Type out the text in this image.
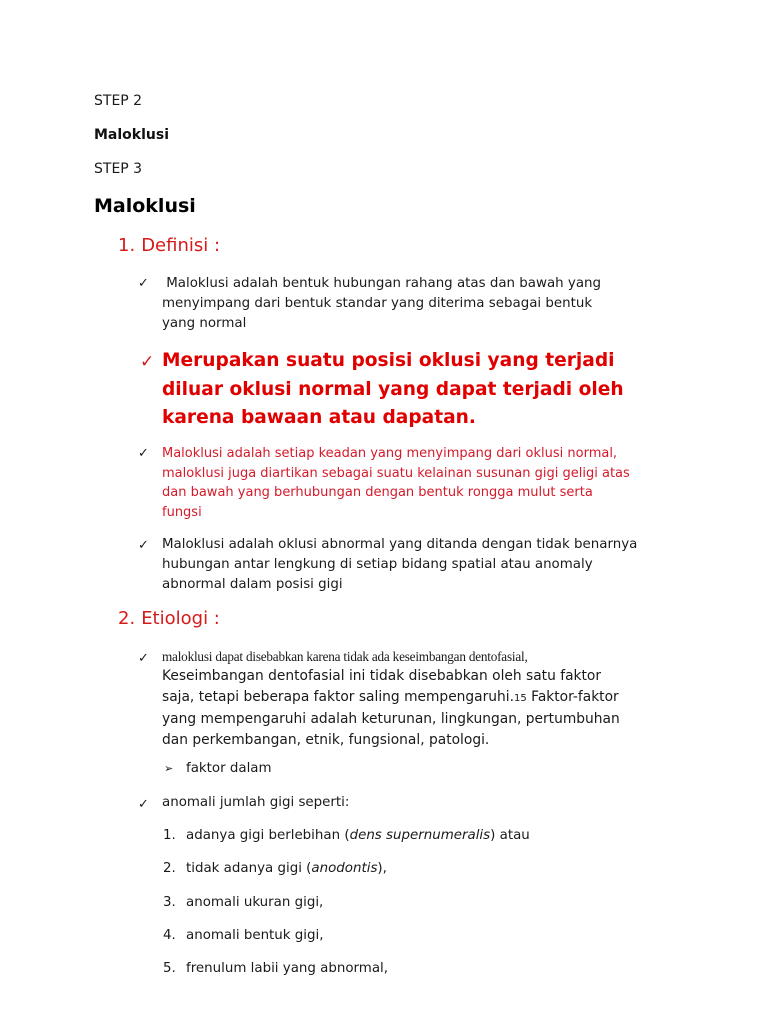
STEP 2
Maloklusi
STEP 3
Maloklusi
1. Definisi :
✓ Maloklusi adalah bentuk hubungan rahang atas dan bawah yang
menyimpang dari bentuk standar yang diterima sebagai bentuk
yang normal
✓ Merupakan suatu posisi oklusi yang terjadi
diluar oklusi normal yang dapat terjadi oleh
karena bawaan atau dapatan.
✓ Maloklusi adalah setiap keadan yang menyimpang dari oklusi normal,
maloklusi juga diartikan sebagai suatu kelainan susunan gigi geligi atas
dan bawah yang berhubungan dengan bentuk rongga mulut serta
fungsi
✓ Maloklusi adalah oklusi abnormal yang ditanda dengan tidak benarnya
hubungan antar lengkung di setiap bidang spatial atau anomaly
abnormal dalam posisi gigi
2. Etiologi :
✓ maloklusi dapat disebabkan karena tidak ada keseimbangan dentofasial,
Keseimbangan dentofasial ini tidak disebabkan oleh satu faktor
saja, tetapi beberapa faktor saling mempengaruhi.15 Faktor-faktor
yang mempengaruhi adalah keturunan, lingkungan, pertumbuhan
dan perkembangan, etnik, fungsional, patologi.
➢ faktor dalam
✓ anomali jumlah gigi seperti:
1. adanya gigi berlebihan (dens supernumeralis) atau
2. tidak adanya gigi (anodontis),
3. anomali ukuran gigi,
4. anomali bentuk gigi,
5. frenulum labii yang abnormal,
